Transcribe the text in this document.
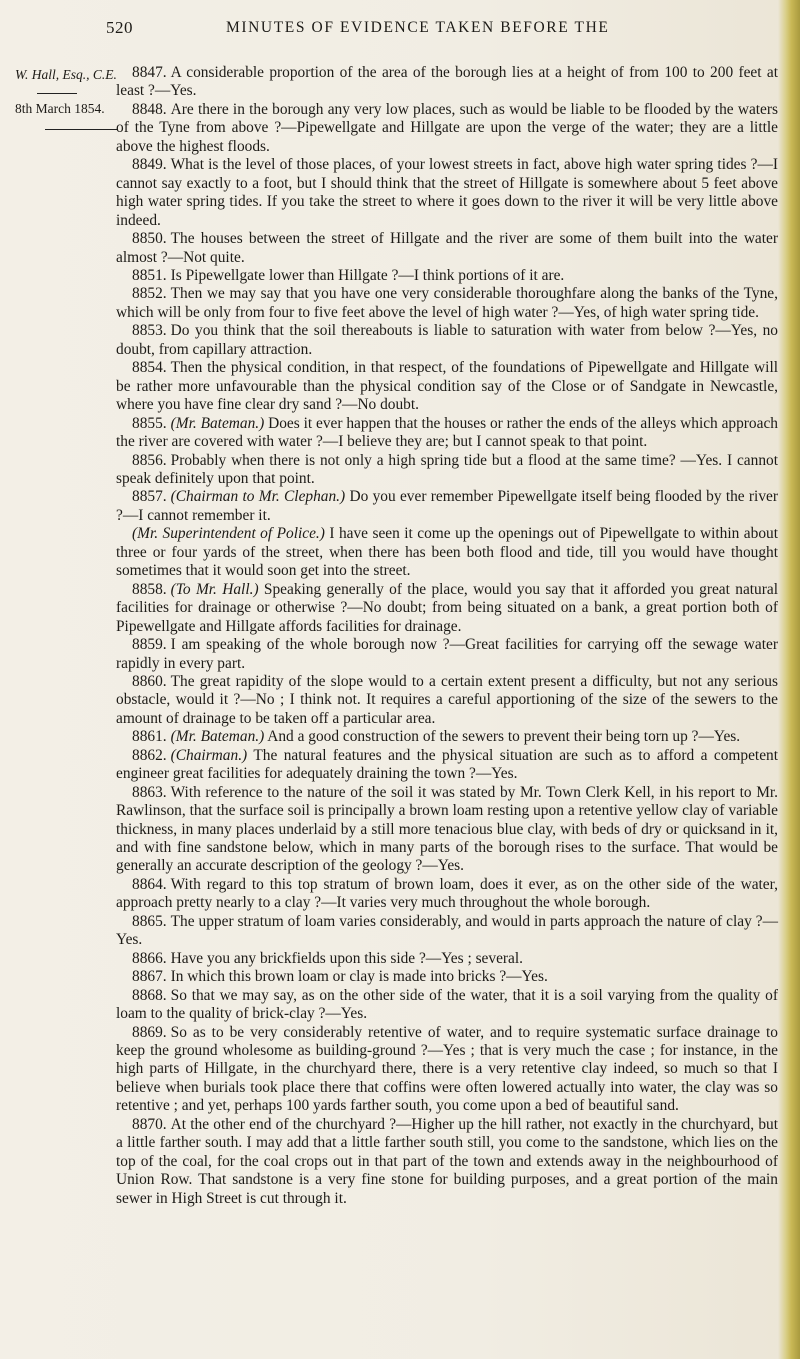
520	MINUTES OF EVIDENCE TAKEN BEFORE THE
W. Hall, Esq., C.E.
8th March 1854.

8847. A considerable proportion of the area of the borough lies at a height of from 100 to 200 feet at least ?—Yes.

8848. Are there in the borough any very low places, such as would be liable to be flooded by the waters of the Tyne from above ?—Pipewellgate and Hillgate are upon the verge of the water; they are a little above the highest floods.

8849. What is the level of those places, of your lowest streets in fact, above high water spring tides ?—I cannot say exactly to a foot, but I should think that the street of Hillgate is somewhere about 5 feet above high water spring tides. If you take the street to where it goes down to the river it will be very little above indeed.

8850. The houses between the street of Hillgate and the river are some of them built into the water almost ?—Not quite.

8851. Is Pipewellgate lower than Hillgate ?—I think portions of it are.

8852. Then we may say that you have one very considerable thoroughfare along the banks of the Tyne, which will be only from four to five feet above the level of high water ?—Yes, of high water spring tide.

8853. Do you think that the soil thereabouts is liable to saturation with water from below ?—Yes, no doubt, from capillary attraction.

8854. Then the physical condition, in that respect, of the foundations of Pipewellgate and Hillgate will be rather more unfavourable than the physical condition say of the Close or of Sandgate in Newcastle, where you have fine clear dry sand ?—No doubt.

8855. (Mr. Bateman.) Does it ever happen that the houses or rather the ends of the alleys which approach the river are covered with water ?—I believe they are; but I cannot speak to that point.

8856. Probably when there is not only a high spring tide but a flood at the same time? —Yes. I cannot speak definitely upon that point.

8857. (Chairman to Mr. Clephan.) Do you ever remember Pipewellgate itself being flooded by the river ?—I cannot remember it.

(Mr. Superintendent of Police.) I have seen it come up the openings out of Pipewellgate to within about three or four yards of the street, when there has been both flood and tide, till you would have thought sometimes that it would soon get into the street.

8858. (To Mr. Hall.) Speaking generally of the place, would you say that it afforded you great natural facilities for drainage or otherwise ?—No doubt; from being situated on a bank, a great portion both of Pipewellgate and Hillgate affords facilities for drainage.

8859. I am speaking of the whole borough now ?—Great facilities for carrying off the sewage water rapidly in every part.

8860. The great rapidity of the slope would to a certain extent present a difficulty, but not any serious obstacle, would it ?—No ; I think not. It requires a careful apportioning of the size of the sewers to the amount of drainage to be taken off a particular area.

8861. (Mr. Bateman.) And a good construction of the sewers to prevent their being torn up ?—Yes.

8862. (Chairman.) The natural features and the physical situation are such as to afford a competent engineer great facilities for adequately draining the town ?—Yes.

8863. With reference to the nature of the soil it was stated by Mr. Town Clerk Kell, in his report to Mr. Rawlinson, that the surface soil is principally a brown loam resting upon a retentive yellow clay of variable thickness, in many places underlaid by a still more tenacious blue clay, with beds of dry or quicksand in it, and with fine sandstone below, which in many parts of the borough rises to the surface. That would be generally an accurate description of the geology ?—Yes.

8864. With regard to this top stratum of brown loam, does it ever, as on the other side of the water, approach pretty nearly to a clay ?—It varies very much throughout the whole borough.

8865. The upper stratum of loam varies considerably, and would in parts approach the nature of clay ?—Yes.

8866. Have you any brickfields upon this side ?—Yes ; several.

8867. In which this brown loam or clay is made into bricks ?—Yes.

8868. So that we may say, as on the other side of the water, that it is a soil varying from the quality of loam to the quality of brick-clay ?—Yes.

8869. So as to be very considerably retentive of water, and to require systematic surface drainage to keep the ground wholesome as building-ground ?—Yes ; that is very much the case ; for instance, in the high parts of Hillgate, in the churchyard there, there is a very retentive clay indeed, so much so that I believe when burials took place there that coffins were often lowered actually into water, the clay was so retentive ; and yet, perhaps 100 yards farther south, you come upon a bed of beautiful sand.

8870. At the other end of the churchyard ?—Higher up the hill rather, not exactly in the churchyard, but a little farther south. I may add that a little farther south still, you come to the sandstone, which lies on the top of the coal, for the coal crops out in that part of the town and extends away in the neighbourhood of Union Row. That sandstone is a very fine stone for building purposes, and a great portion of the main sewer in High Street is cut through it.
